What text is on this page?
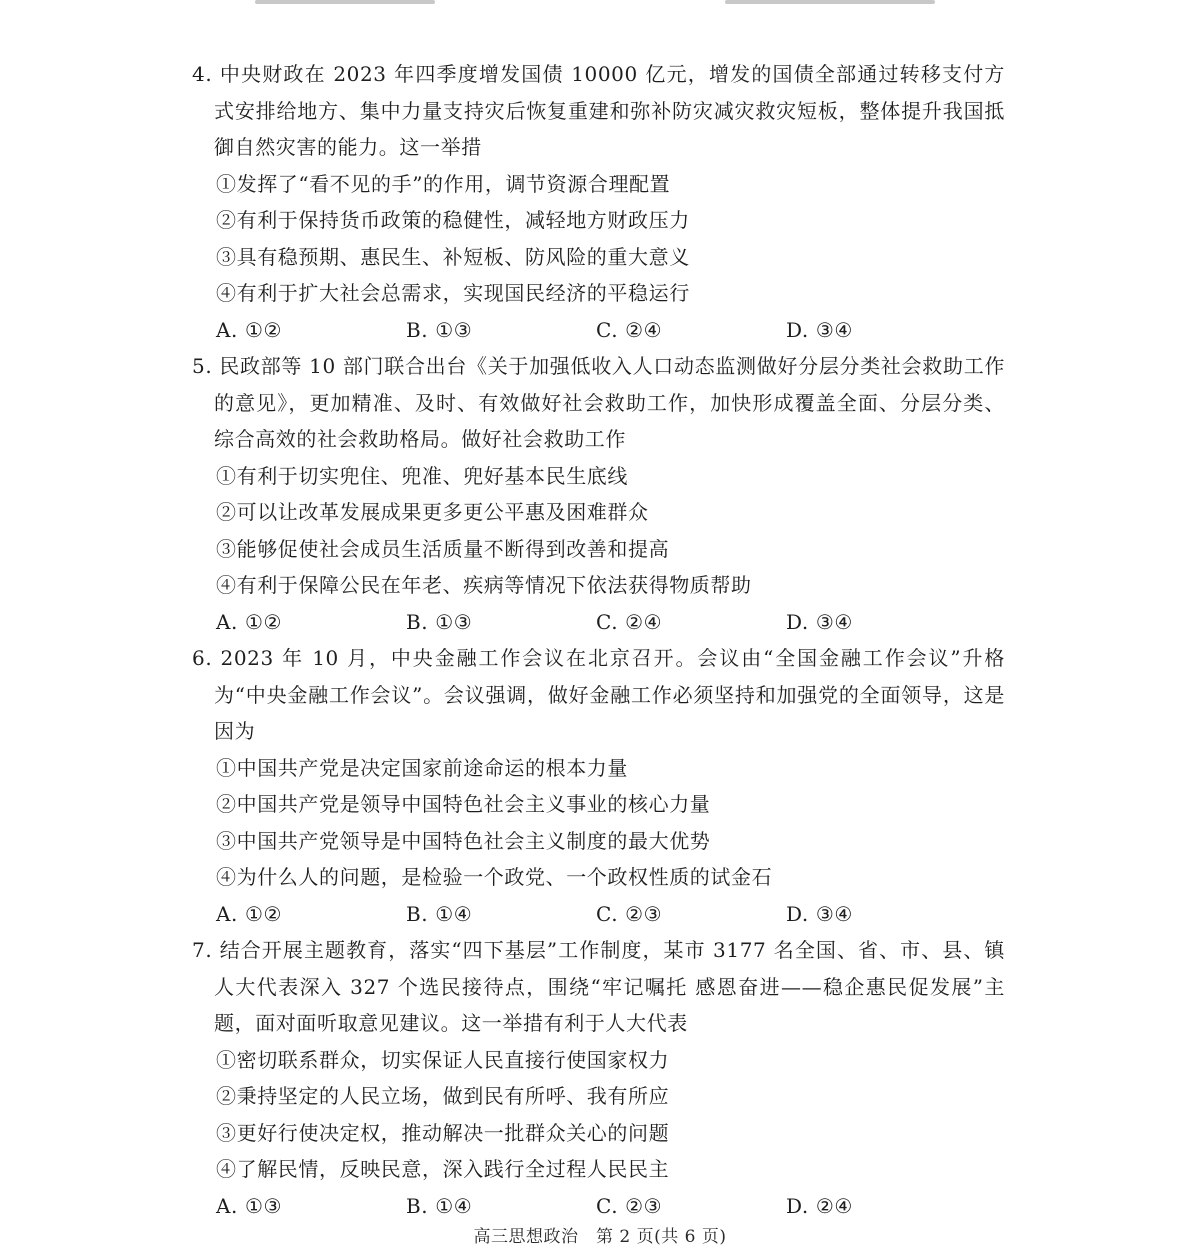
4. 中央财政在 2023 年四季度增发国债 10000 亿元，增发的国债全部通过转移支付方式安排给地方、集中力量支持灾后恢复重建和弥补防灾减灾救灾短板，整体提升我国抵御自然灾害的能力。这一举措

①发挥了“看不见的手”的作用，调节资源合理配置

②有利于保持货币政策的稳健性，减轻地方财政压力

③具有稳预期、惠民生、补短板、防风险的重大意义

④有利于扩大社会总需求，实现国民经济的平稳运行

A. ①②	B. ①③	C. ②④	D. ③④

5. 民政部等 10 部门联合出台《关于加强低收入人口动态监测做好分层分类社会救助工作的意见》，更加精准、及时、有效做好社会救助工作，加快形成覆盖全面、分层分类、综合高效的社会救助格局。做好社会救助工作

①有利于切实兜住、兜准、兜好基本民生底线

②可以让改革发展成果更多更公平惠及困难群众

③能够促使社会成员生活质量不断得到改善和提高

④有利于保障公民在年老、疾病等情况下依法获得物质帮助

A. ①②	B. ①③	C. ②④	D. ③④

6. 2023 年 10 月，中央金融工作会议在北京召开。会议由“全国金融工作会议”升格为“中央金融工作会议”。会议强调，做好金融工作必须坚持和加强党的全面领导，这是因为

①中国共产党是决定国家前途命运的根本力量

②中国共产党是领导中国特色社会主义事业的核心力量

③中国共产党领导是中国特色社会主义制度的最大优势

④为什么人的问题，是检验一个政党、一个政权性质的试金石

A. ①②	B. ①④	C. ②③	D. ③④

7. 结合开展主题教育，落实“四下基层”工作制度，某市 3177 名全国、省、市、县、镇人大代表深入 327 个选民接待点，围绕“牢记嘱托 感恩奋进——稳企惠民促发展”主题，面对面听取意见建议。这一举措有利于人大代表

①密切联系群众，切实保证人民直接行使国家权力

②秉持坚定的人民立场，做到民有所呼、我有所应

③更好行使决定权，推动解决一批群众关心的问题

④了解民情，反映民意，深入践行全过程人民民主

A. ①③	B. ①④	C. ②③	D. ②④
高三思想政治　第 2 页(共 6 页)
